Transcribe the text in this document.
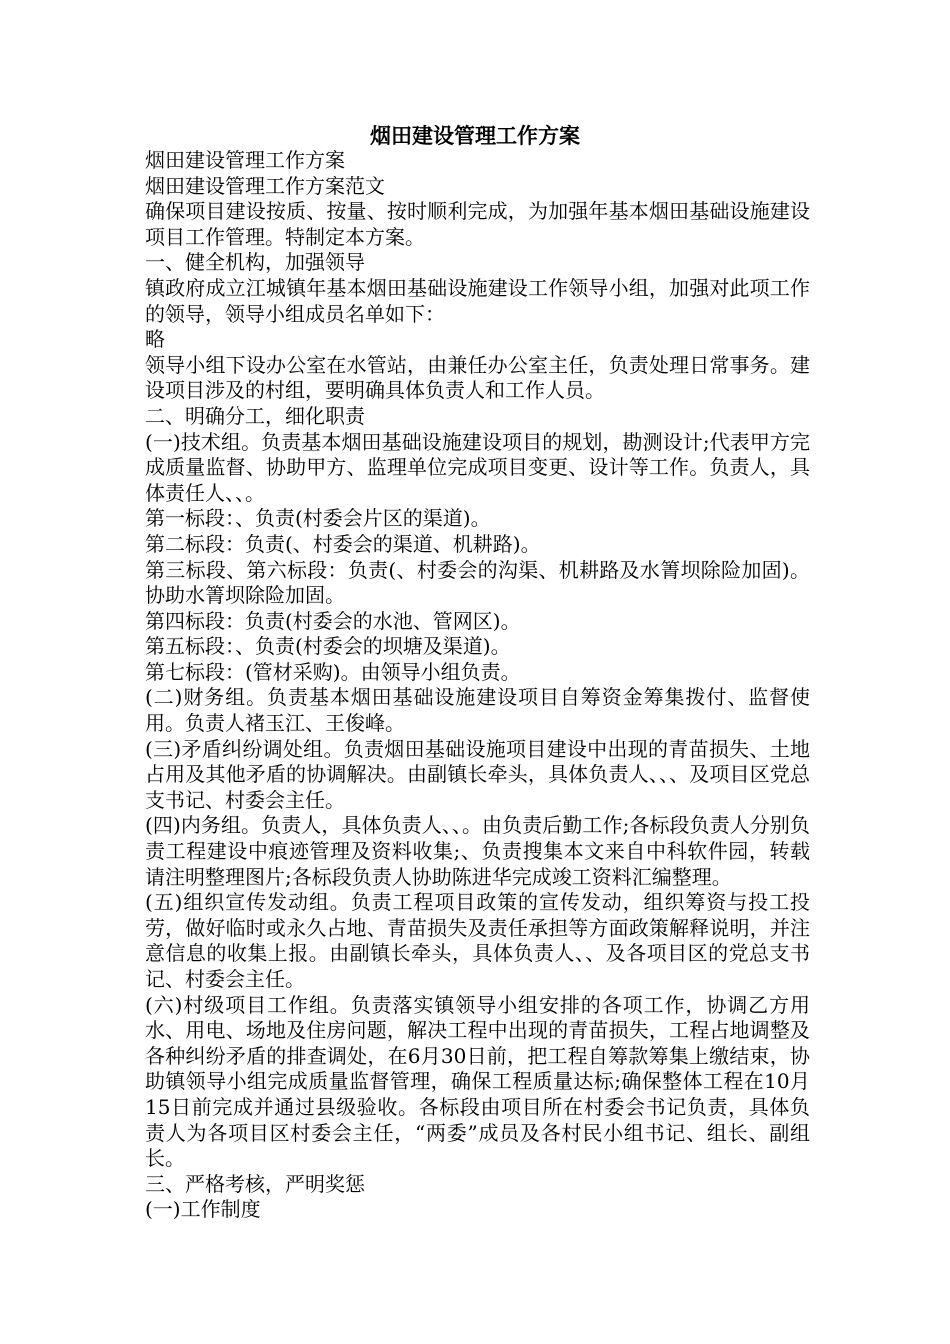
烟田建设管理工作方案

烟田建设管理工作方案

烟田建设管理工作方案范文

确保项目建设按质、按量、按时顺利完成，为加强年基本烟田基础设施建设项目工作管理。特制定本方案。

一、健全机构，加强领导

镇政府成立江城镇年基本烟田基础设施建设工作领导小组，加强对此项工作的领导，领导小组成员名单如下：

略

领导小组下设办公室在水管站，由兼任办公室主任，负责处理日常事务。建设项目涉及的村组，要明确具体负责人和工作人员。

二、明确分工，细化职责

(一)技术组。负责基本烟田基础设施建设项目的规划，勘测设计;代表甲方完成质量监督、协助甲方、监理单位完成项目变更、设计等工作。负责人，具体责任人、、。

第一标段：、负责(村委会片区的渠道)。

第二标段：负责(、村委会的渠道、机耕路)。

第三标段、第六标段：负责(、村委会的沟渠、机耕路及水箐坝除险加固)。协助水箐坝除险加固。

第四标段：负责(村委会的水池、管网区)。

第五标段：、负责(村委会的坝塘及渠道)。

第七标段：(管材采购)。由领导小组负责。

(二)财务组。负责基本烟田基础设施建设项目自筹资金筹集拨付、监督使用。负责人褚玉江、王俊峰。

(三)矛盾纠纷调处组。负责烟田基础设施项目建设中出现的青苗损失、土地占用及其他矛盾的协调解决。由副镇长牵头，具体负责人、、、及项目区党总支书记、村委会主任。

(四)内务组。负责人，具体负责人、、。由负责后勤工作;各标段负责人分别负责工程建设中痕迹管理及资料收集;、负责搜集本文来自中科软件园，转载请注明整理图片;各标段负责人协助陈进华完成竣工资料汇编整理。

(五)组织宣传发动组。负责工程项目政策的宣传发动，组织筹资与投工投劳，做好临时或永久占地、青苗损失及责任承担等方面政策解释说明，并注意信息的收集上报。由副镇长牵头，具体负责人、、及各项目区的党总支书记、村委会主任。

(六)村级项目工作组。负责落实镇领导小组安排的各项工作，协调乙方用水、用电、场地及住房问题，解决工程中出现的青苗损失，工程占地调整及各种纠纷矛盾的排查调处，在6月30日前，把工程自筹款筹集上缴结束，协助镇领导小组完成质量监督管理，确保工程质量达标;确保整体工程在10月15日前完成并通过县级验收。各标段由项目所在村委会书记负责，具体负责人为各项目区村委会主任，“两委”成员及各村民小组书记、组长、副组长。

三、严格考核，严明奖惩

(一)工作制度
